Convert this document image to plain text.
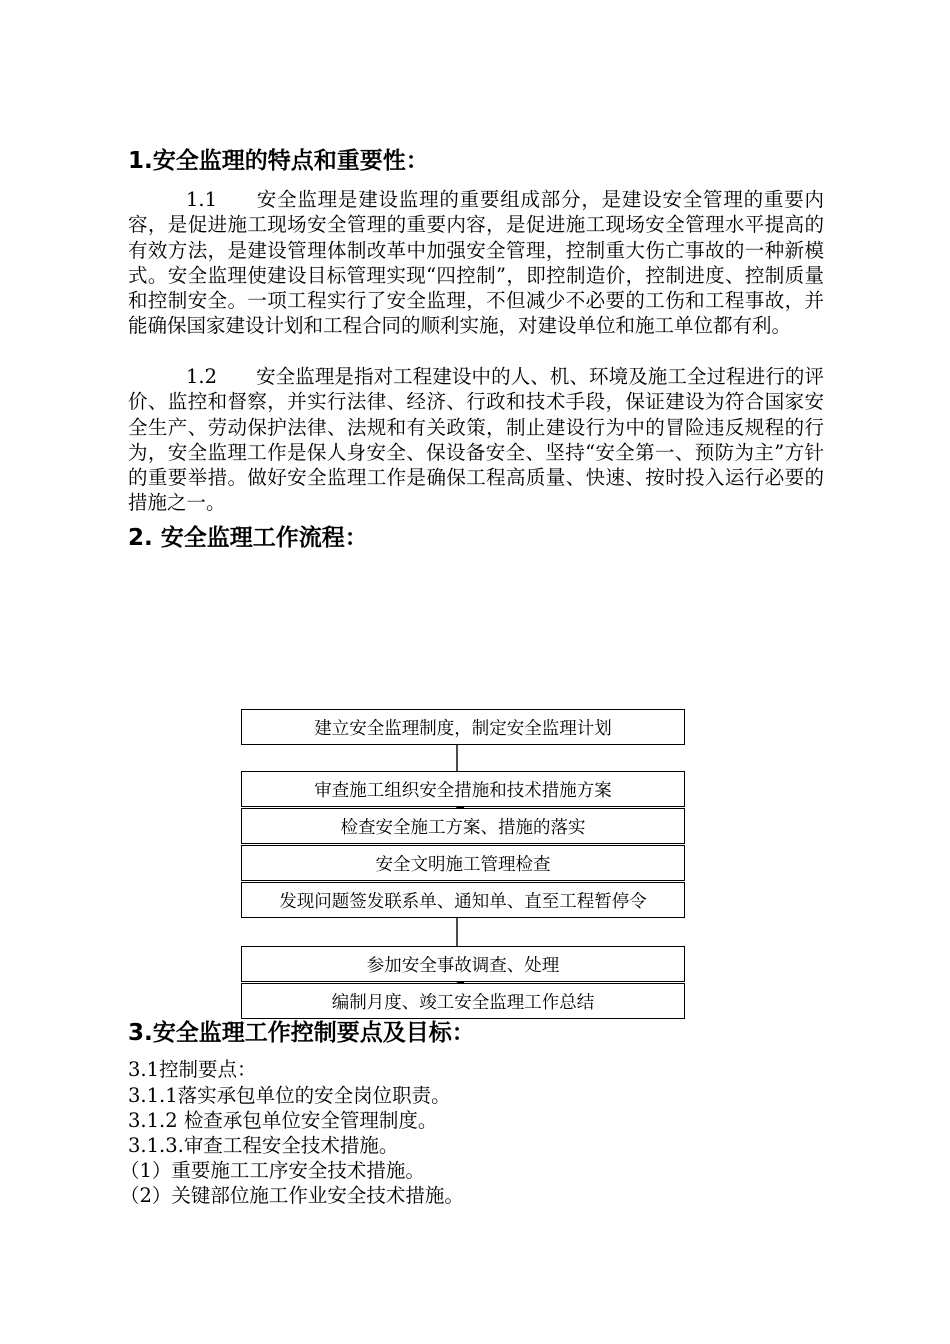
1.安全监理的特点和重要性：

1.1 安全监理是建设监理的重要组成部分，是建设安全管理的重要内容，是促进施工现场安全管理的重要内容，是促进施工现场安全管理水平提高的有效方法，是建设管理体制改革中加强安全管理，控制重大伤亡事故的一种新模式。安全监理使建设目标管理实现“四控制”，即控制造价，控制进度、控制质量和控制安全。一项工程实行了安全监理，不但减少不必要的工伤和工程事故，并能确保国家建设计划和工程合同的顺利实施，对建设单位和施工单位都有利。

1.2 安全监理是指对工程建设中的人、机、环境及施工全过程进行的评价、监控和督察，并实行法律、经济、行政和技术手段，保证建设为符合国家安全生产、劳动保护法律、法规和有关政策，制止建设行为中的冒险违反规程的行为，安全监理工作是保人身安全、保设备安全、坚持“安全第一、预防为主”方针的重要举措。做好安全监理工作是确保工程高质量、快速、按时投入运行必要的措施之一。

2. 安全监理工作流程：
建立安全监理制度，制定安全监理计划
审查施工组织安全措施和技术措施方案
检查安全施工方案、措施的落实
安全文明施工管理检查
发现问题签发联系单、通知单、直至工程暂停令
参加安全事故调查、处理
编制月度、竣工安全监理工作总结
3.安全监理工作控制要点及目标：

3.1控制要点：

3.1.1落实承包单位的安全岗位职责。

3.1.2 检查承包单位安全管理制度。

3.1.3.审查工程安全技术措施。

（1）重要施工工序安全技术措施。

（2）关键部位施工作业安全技术措施。
